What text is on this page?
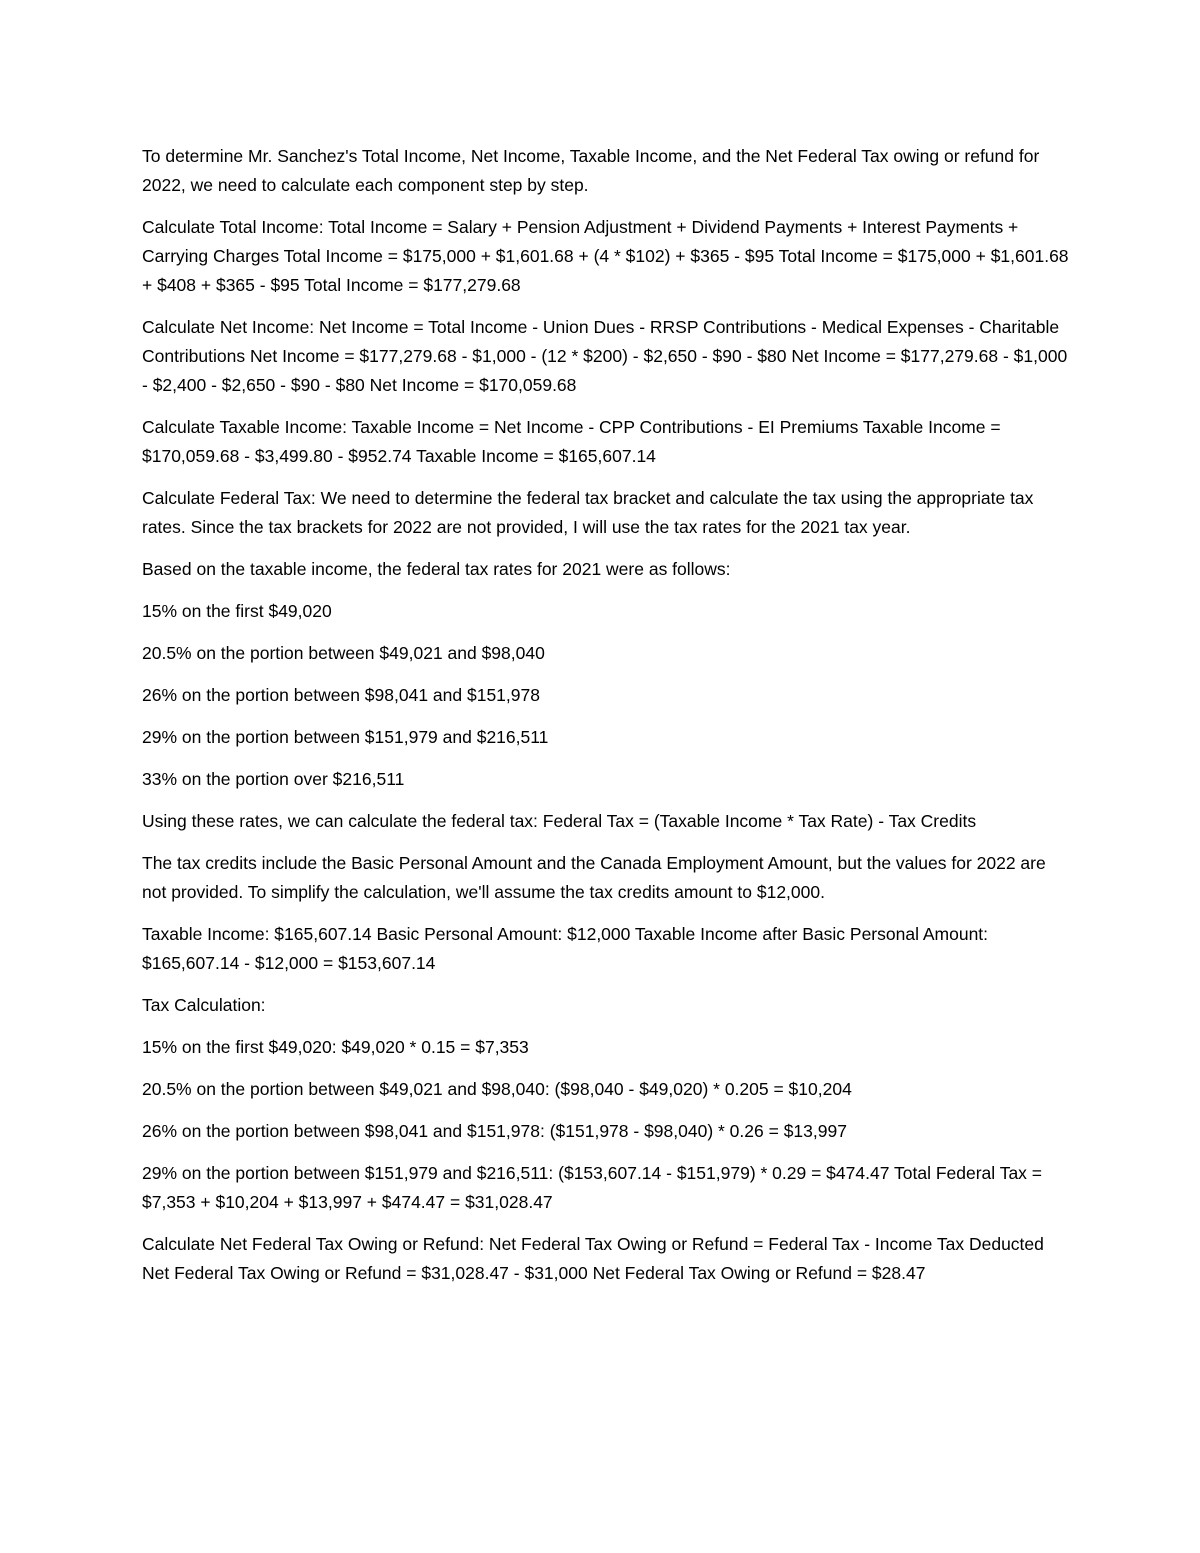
To determine Mr. Sanchez's Total Income, Net Income, Taxable Income, and the Net Federal Tax owing or refund for 2022, we need to calculate each component step by step.

Calculate Total Income: Total Income = Salary + Pension Adjustment + Dividend Payments + Interest Payments + Carrying Charges Total Income = $175,000 + $1,601.68 + (4 * $102) + $365 - $95 Total Income = $175,000 + $1,601.68 + $408 + $365 - $95 Total Income = $177,279.68

Calculate Net Income: Net Income = Total Income - Union Dues - RRSP Contributions - Medical Expenses - Charitable Contributions Net Income = $177,279.68 - $1,000 - (12 * $200) - $2,650 - $90 - $80 Net Income = $177,279.68 - $1,000 - $2,400 - $2,650 - $90 - $80 Net Income = $170,059.68

Calculate Taxable Income: Taxable Income = Net Income - CPP Contributions - EI Premiums Taxable Income = $170,059.68 - $3,499.80 - $952.74 Taxable Income = $165,607.14

Calculate Federal Tax: We need to determine the federal tax bracket and calculate the tax using the appropriate tax rates. Since the tax brackets for 2022 are not provided, I will use the tax rates for the 2021 tax year.

Based on the taxable income, the federal tax rates for 2021 were as follows:

15% on the first $49,020

20.5% on the portion between $49,021 and $98,040

26% on the portion between $98,041 and $151,978

29% on the portion between $151,979 and $216,511

33% on the portion over $216,511

Using these rates, we can calculate the federal tax: Federal Tax = (Taxable Income * Tax Rate) - Tax Credits

The tax credits include the Basic Personal Amount and the Canada Employment Amount, but the values for 2022 are not provided. To simplify the calculation, we'll assume the tax credits amount to $12,000.

Taxable Income: $165,607.14 Basic Personal Amount: $12,000 Taxable Income after Basic Personal Amount: $165,607.14 - $12,000 = $153,607.14

Tax Calculation:

15% on the first $49,020: $49,020 * 0.15 = $7,353

20.5% on the portion between $49,021 and $98,040: ($98,040 - $49,020) * 0.205 = $10,204

26% on the portion between $98,041 and $151,978: ($151,978 - $98,040) * 0.26 = $13,997

29% on the portion between $151,979 and $216,511: ($153,607.14 - $151,979) * 0.29 = $474.47 Total Federal Tax = $7,353 + $10,204 + $13,997 + $474.47 = $31,028.47

Calculate Net Federal Tax Owing or Refund: Net Federal Tax Owing or Refund = Federal Tax - Income Tax Deducted Net Federal Tax Owing or Refund = $31,028.47 - $31,000 Net Federal Tax Owing or Refund = $28.47
